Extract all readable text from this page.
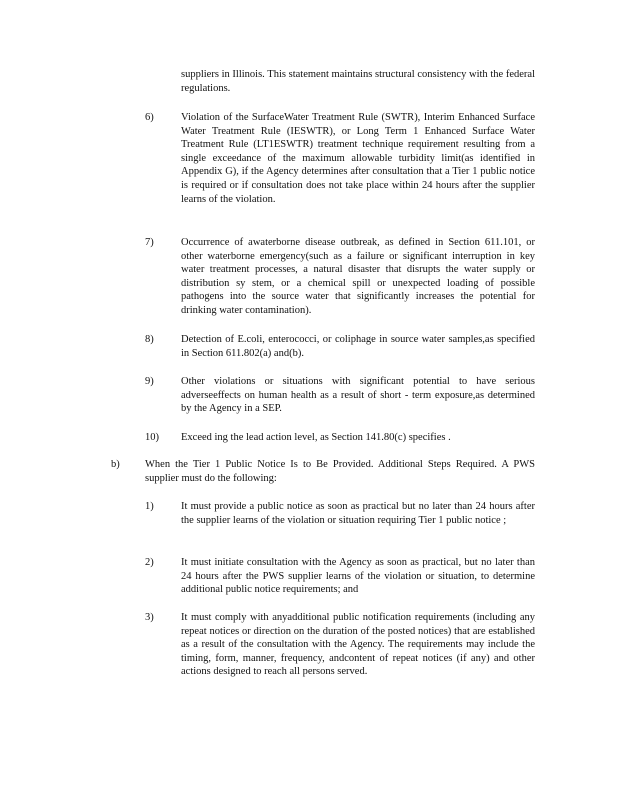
suppliers in Illinois. This statement maintains structural consistency with the federal regulations.
6)	Violation of the SurfaceWater Treatment Rule (SWTR), Interim Enhanced Surface Water Treatment Rule (IESWTR), or Long Term 1 Enhanced Surface Water Treatment Rule (LT1ESWTR) treatment technique requirement resulting from a single exceedance of the maximum allowable turbidity limit(as identified in Appendix G), if the Agency determines after consultation that a Tier 1 public notice is required or if consultation does not take place within 24 hours after the supplier learns of the violation.
7)	Occurrence of awaterborne disease outbreak, as defined in Section 611.101, or other waterborne emergency(such as a failure or significant interruption in key water treatment processes, a natural disaster that disrupts the water supply or distribution sy stem, or a chemical spill or unexpected loading of possible pathogens into the source water that significantly increases the potential for drinking water contamination).
8)	Detection of E.coli, enterococci, or coliphage in source water samples,as specified in Section 611.802(a) and(b).
9)	Other violations or situations with significant potential to have serious adverseeffects on human health as a result of short - term exposure,as determined by the Agency in a SEP.
10) Exceed ing the lead action level, as Section 141.80(c) specifies .
b) When the Tier 1 Public Notice Is to Be Provided. Additional Steps Required. A PWS supplier must do the following:
1)	It must provide a public notice as soon as practical but no later than 24 hours after the supplier learns of the violation or situation requiring Tier 1 public notice ;
2)	It must initiate consultation with the Agency as soon as practical, but no later than 24 hours after the PWS supplier learns of the violation or situation, to determine additional public notice requirements; and
3)	It must comply with anyadditional public notification requirements (including any repeat notices or direction on the duration of the posted notices) that are established as a result of the consultation with the Agency. The requirements may include the timing, form, manner, frequency, andcontent of repeat notices (if any) and other actions designed to reach all persons served.
